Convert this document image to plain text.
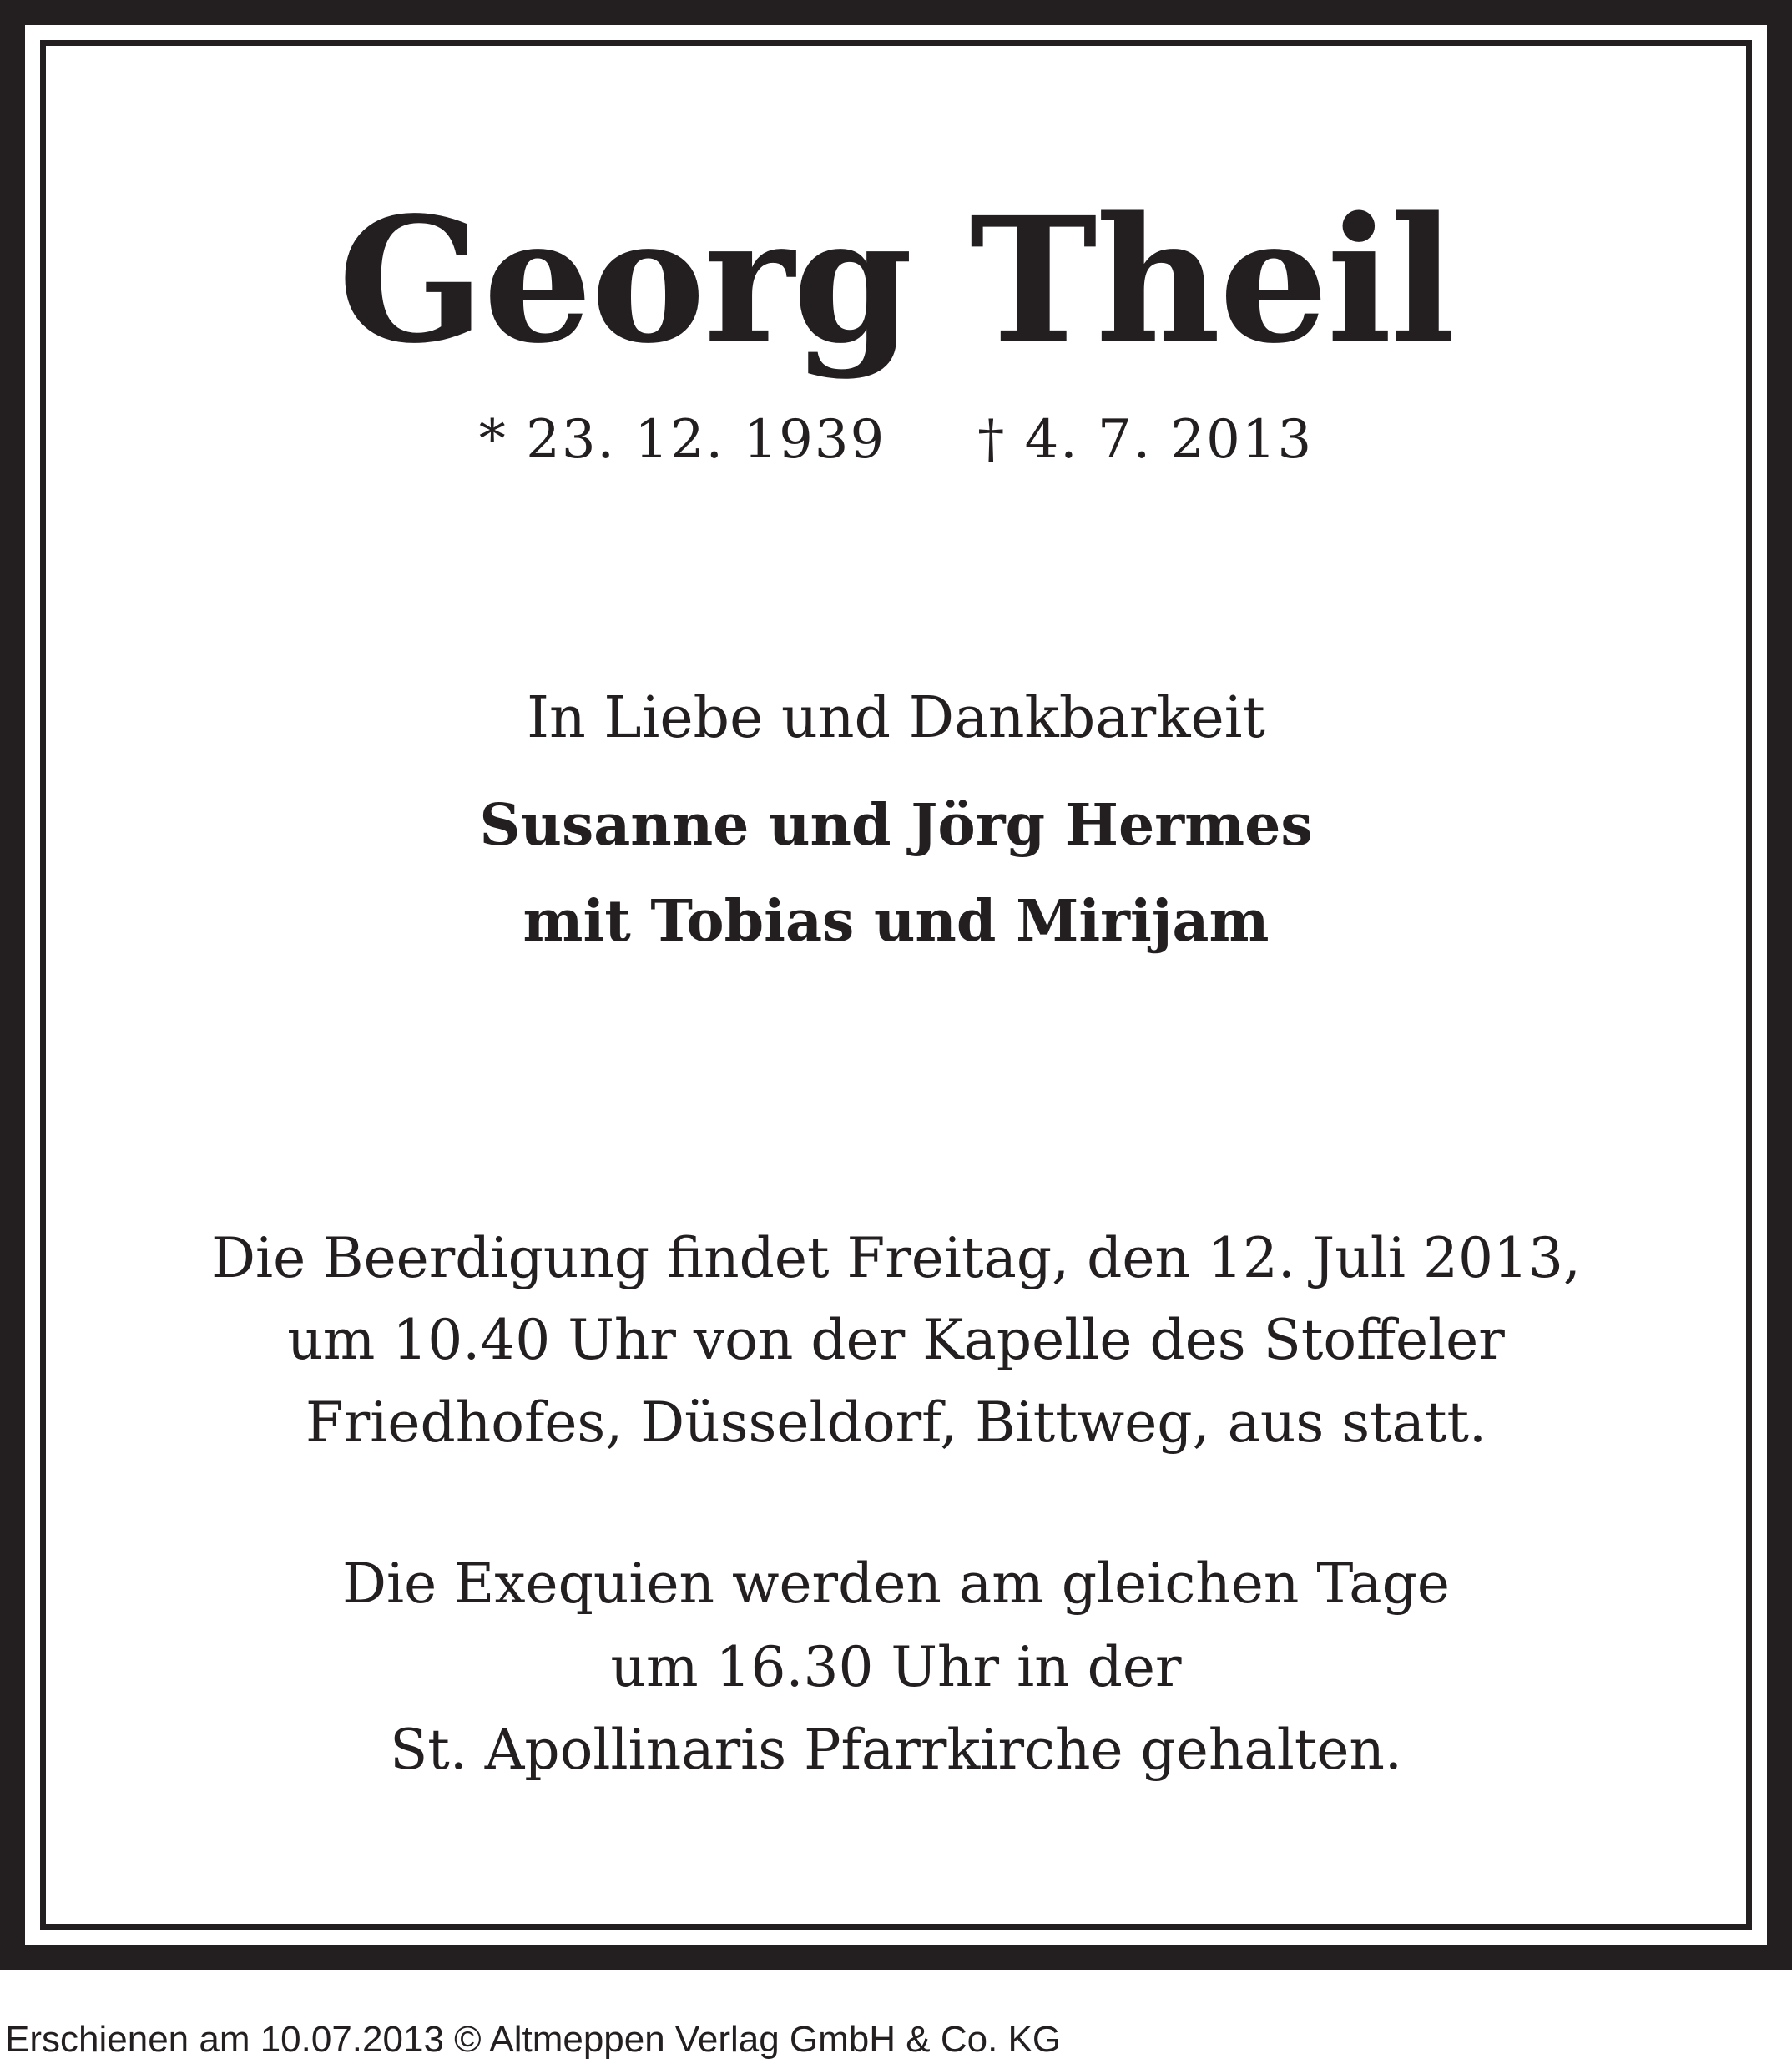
Georg Theil
* 23. 12. 1939 † 4. 7. 2013
In Liebe und Dankbarkeit
Susanne und Jörg Hermes
mit Tobias und Mirijam
Die Beerdigung findet Freitag, den 12. Juli 2013,
um 10.40 Uhr von der Kapelle des Stoffeler
Friedhofes, Düsseldorf, Bittweg, aus statt.
Die Exequien werden am gleichen Tage
um 16.30 Uhr in der
St. Apollinaris Pfarrkirche gehalten.
Erschienen am 10.07.2013 © Altmeppen Verlag GmbH & Co. KG
